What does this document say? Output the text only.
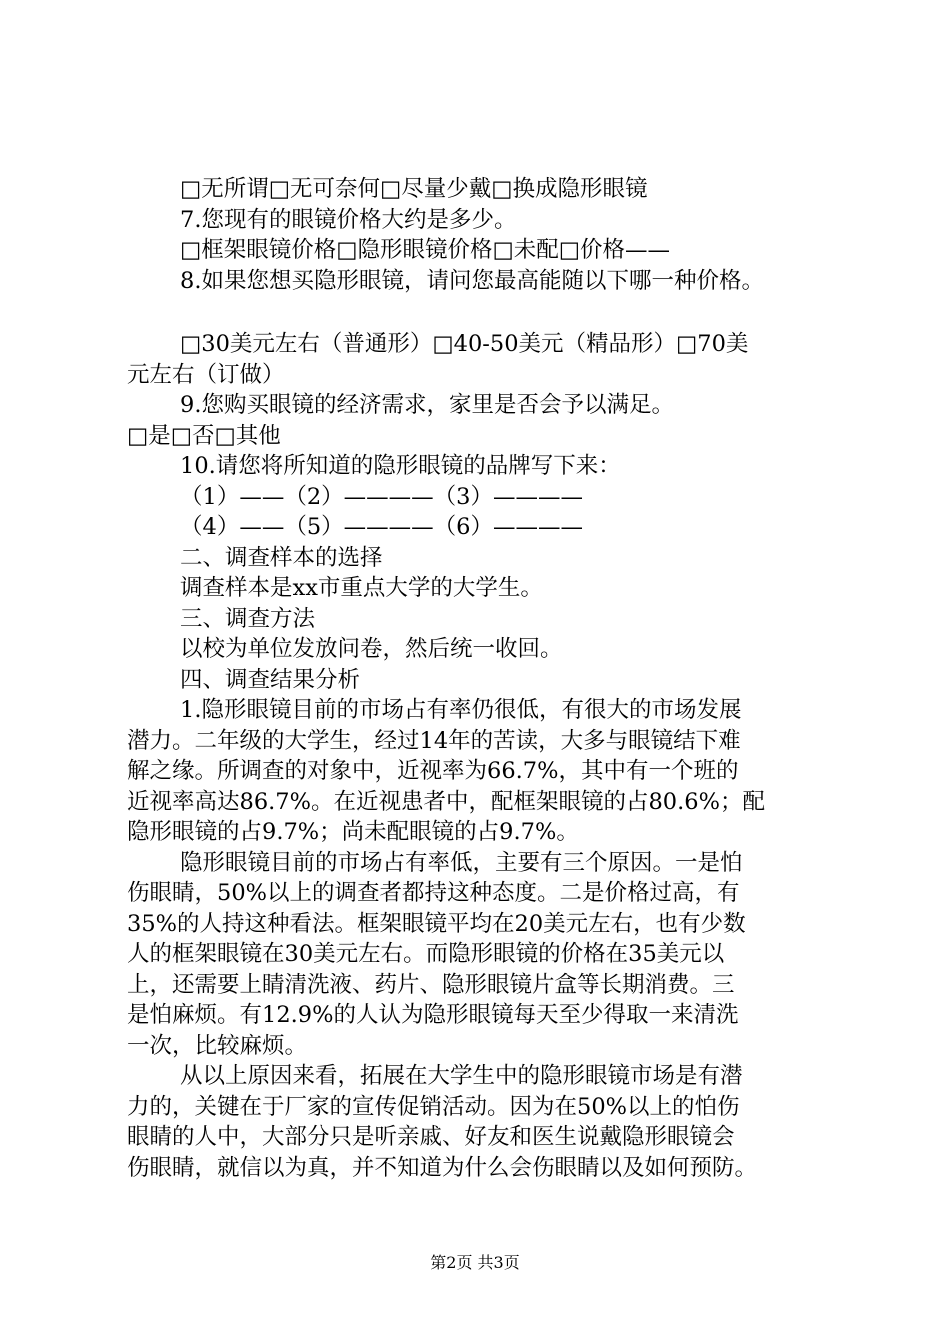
□无所谓□无可奈何□尽量少戴□换成隐形眼镜
7.您现有的眼镜价格大约是多少。
□框架眼镜价格□隐形眼镜价格□未配□价格——
8.如果您想买隐形眼镜，请问您最高能随以下哪一种价格。
□30美元左右（普通形）□40-50美元（精品形）□70美
元左右（订做）
9.您购买眼镜的经济需求，家里是否会予以满足。
□是□否□其他
10.请您将所知道的隐形眼镜的品牌写下来：
（1）——（2）————（3）————
（4）——（5）————（6）————
二、调查样本的选择
调查样本是xx市重点大学的大学生。
三、调查方法
以校为单位发放问卷，然后统一收回。
四、调查结果分析
1.隐形眼镜目前的市场占有率仍很低，有很大的市场发展
潜力。二年级的大学生，经过14年的苦读，大多与眼镜结下难
解之缘。所调查的对象中，近视率为66.7%，其中有一个班的
近视率高达86.7%。在近视患者中，配框架眼镜的占80.6%；配
隐形眼镜的占9.7%；尚未配眼镜的占9.7%。
隐形眼镜目前的市场占有率低，主要有三个原因。一是怕
伤眼睛，50%以上的调查者都持这种态度。二是价格过高，有
35%的人持这种看法。框架眼镜平均在20美元左右，也有少数
人的框架眼镜在30美元左右。而隐形眼镜的价格在35美元以
上，还需要上睛清洗液、药片、隐形眼镜片盒等长期消费。三
是怕麻烦。有12.9%的人认为隐形眼镜每天至少得取一来清洗
一次，比较麻烦。
从以上原因来看，拓展在大学生中的隐形眼镜市场是有潜
力的，关键在于厂家的宣传促销活动。因为在50%以上的怕伤
眼睛的人中，大部分只是听亲戚、好友和医生说戴隐形眼镜会
伤眼睛，就信以为真，并不知道为什么会伤眼睛以及如何预防。
第2页 共3页
